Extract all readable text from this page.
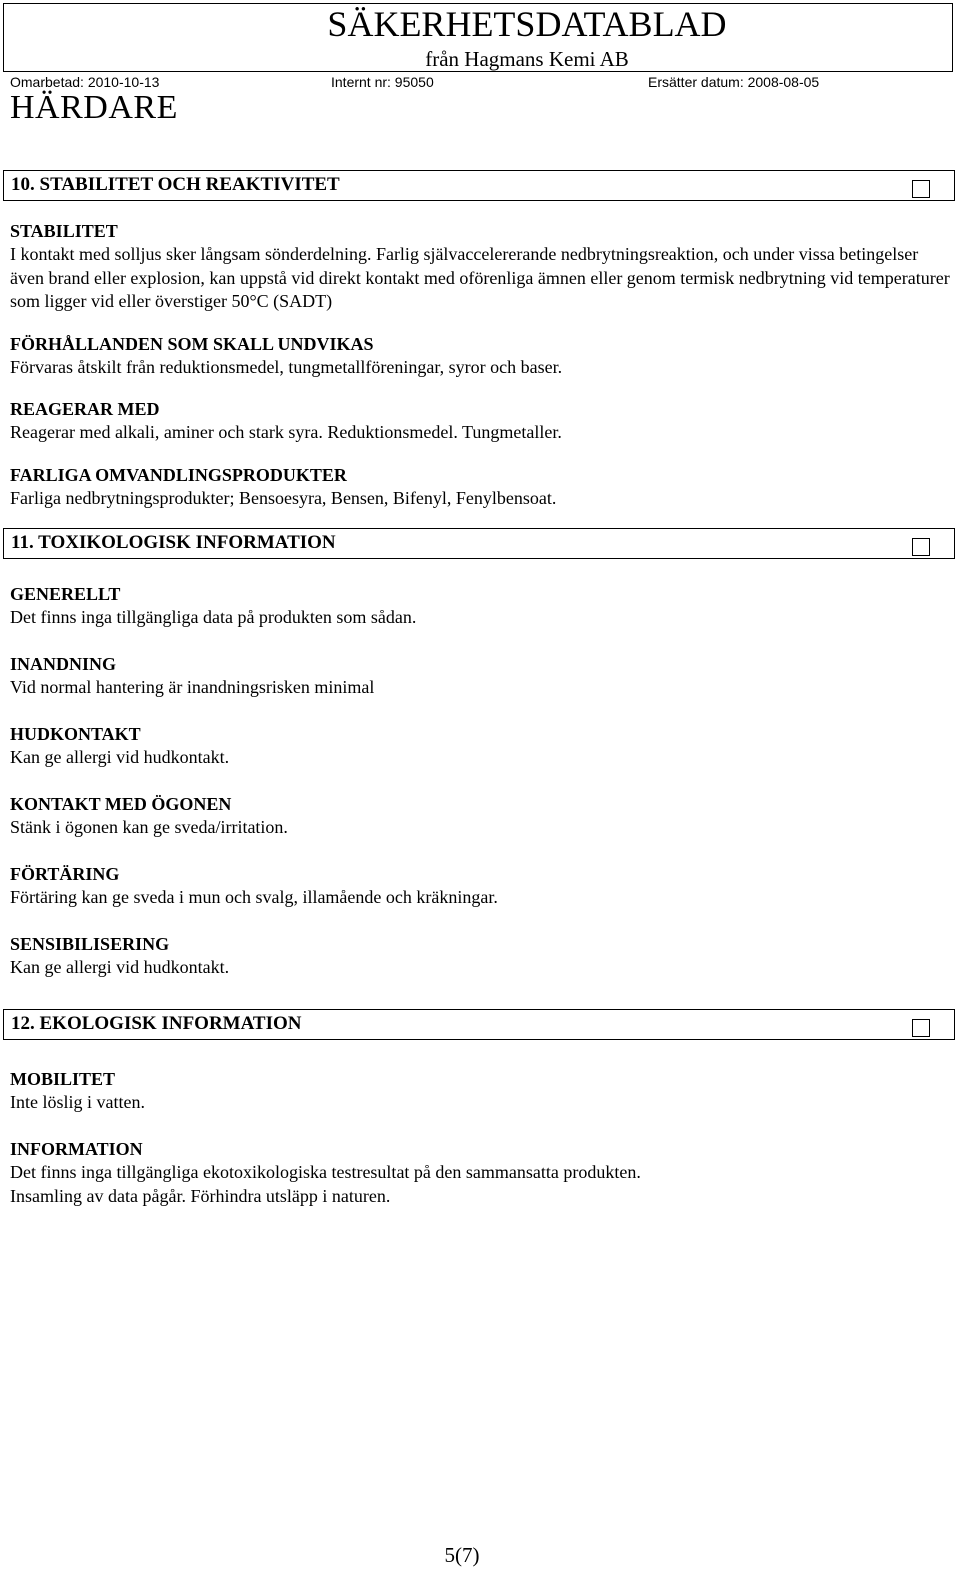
SÄKERHETSDATABLAD
från Hagmans Kemi AB
Omarbetad: 2010-10-13	Internt nr: 95050	Ersätter datum: 2008-08-05
HÄRDARE
10. STABILITET OCH REAKTIVITET

STABILITET

I kontakt med solljus sker långsam sönderdelning. Farlig självaccelererande nedbrytningsreaktion, och under vissa betingelser även brand eller explosion, kan uppstå vid direkt kontakt med oförenliga ämnen eller genom termisk nedbrytning vid temperaturer som ligger vid eller överstiger 50°C (SADT)

FÖRHÅLLANDEN SOM SKALL UNDVIKAS

Förvaras åtskilt från reduktionsmedel, tungmetallföreningar, syror och baser.

REAGERAR MED

Reagerar med alkali, aminer och stark syra. Reduktionsmedel. Tungmetaller.

FARLIGA OMVANDLINGSPRODUKTER

Farliga nedbrytningsprodukter; Bensoesyra, Bensen, Bifenyl, Fenylbensoat.

11. TOXIKOLOGISK INFORMATION

GENERELLT

Det finns inga tillgängliga data på produkten som sådan.

INANDNING

Vid normal hantering är inandningsrisken minimal

HUDKONTAKT

Kan ge allergi vid hudkontakt.

KONTAKT MED ÖGONEN

Stänk i ögonen kan ge sveda/irritation.

FÖRTÄRING

Förtäring kan ge sveda i mun och svalg, illamående och kräkningar.

SENSIBILISERING

Kan ge allergi vid hudkontakt.

12. EKOLOGISK INFORMATION

MOBILITET

Inte löslig i vatten.

INFORMATION

Det finns inga tillgängliga ekotoxikologiska testresultat på den sammansatta produkten.

Insamling av data pågår. Förhindra utsläpp i naturen.

5(7)
